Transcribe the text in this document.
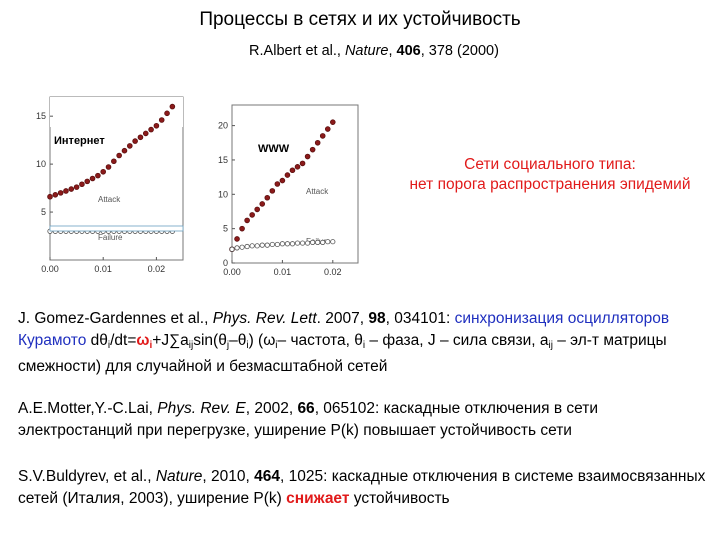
Процессы в сетях и их устойчивость
R.Albert et al., Nature, 406, 378 (2000)
Интернет
Attack
Failure
15
10
5
0.00	0.01	0.02
WWW
Attack
20
15
10
5
0
0.00	0.01	0.02
Сети социального типа:
нет порога распространения эпидемий
J. Gomez-Gardennes et al., Phys. Rev. Lett. 2007, 98, 034101: синхронизация осцилляторов Курамото $d\theta_i/dt=\omega_i+J\sum a_{ij}\sin(\theta_j-\theta_i)$ ($\omega_i-$ частота, $\theta_i$ – фаза, J – сила связи, $a_{ij} - эл-т$ матрицы смежности) для случайной и безмасштабной сетей
A.E.Motter,Y.-C.Lai, Phys. Rev. E, 2002, 66, 065102: каскадные отключения в сети электростанций при перегрузке, уширение P(k) повышает устойчивость сети
S.V.Buldyrev, et al., Nature, 2010, 464, 1025: каскадные отключения в системе взаимосвязанных сетей (Италия, 2003), уширение P(k) снижает устойчивость
